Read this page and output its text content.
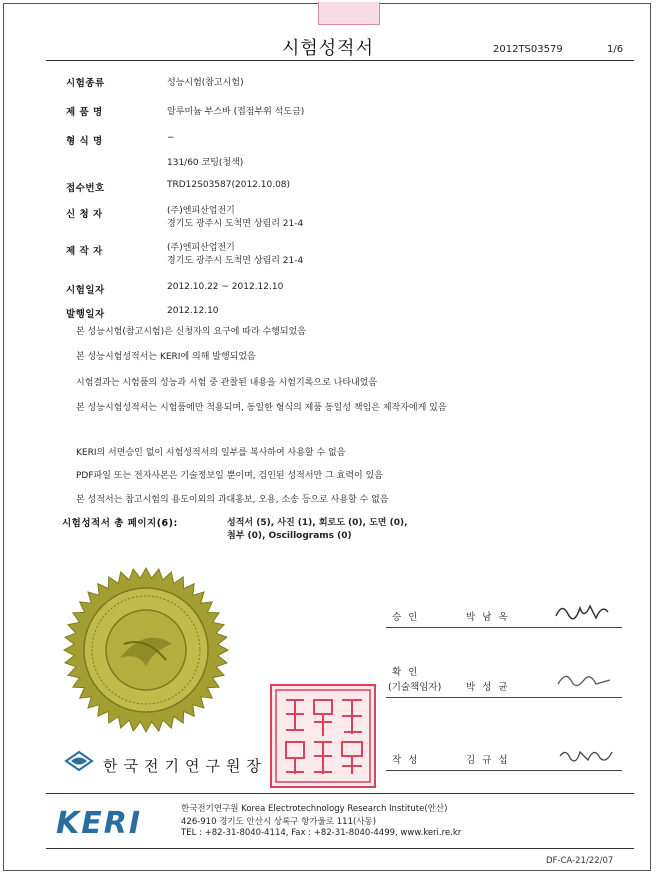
시험성적서	2012TS03579	1/6
시험종류	성능시험(참고시험)
제 품 명	알루미늄 부스바 (접점부위 석도금)
형 식 명	−
131/60 코팅(청색)
접수번호	TRD12S03587(2012.10.08)
신 청 자	(주)엔피산업전기
경기도 광주시 도척면 상림리 21-4
제 작 자	(주)엔피산업전기
경기도 광주시 도척면 상림리 21-4
시험일자	2012.10.22 ~ 2012.12.10
발행일자	2012.12.10
본 성능시험(참고시험)은 신청자의 요구에 따라 수행되었음
본 성능시험성적서는 KERI에 의해 발행되었음
시험결과는 시험품의 성능과 시험 중 관찰된 내용을 시험기록으로 나타내었음
본 성능시험성적서는 시험품에만 적용되며, 동일한 형식의 제품 동일성 책임은 제작자에게 있음
KERI의 서면승인 없이 시험성적서의 일부를 복사하여 사용할 수 없음
PDF파일 또는 전자사본은 기술정보일 뿐이며, 검인된 성적서만 그 효력이 있음
본 성적서는 참고시험의 용도이외의 과대홍보, 오용, 소송 등으로 사용할 수 없음
시험성적서 총 페이지(6):	성적서 (5), 사진 (1), 회로도 (0), 도면 (0),
첨부 (0), Oscillograms (0)
한국전기연구원장
승 인	박 남 옥
확 인
(기술책임자)	박 성 균
작 성	김 규 섭
KERI	한국전기연구원 Korea Electrotechnology Research Institute(안산)
426-910 경기도 안산시 상록구 항가울로 111(사동)
TEL : +82-31-8040-4114, Fax : +82-31-8040-4499, www.keri.re.kr
DF-CA-21/22/07
